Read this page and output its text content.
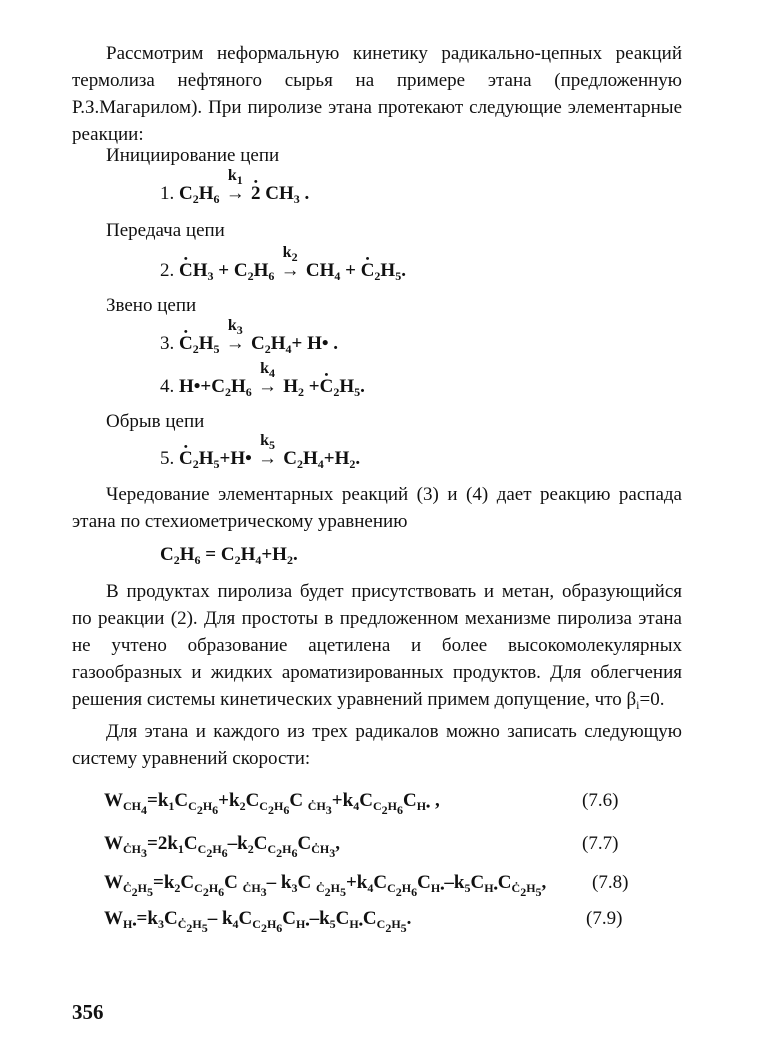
Рассмотрим неформальную кинетику радикально-цепных реакций термолиза нефтяного сырья на примере этана (предложенную Р.З.Магарилом). При пиролизе этана протекают следующие элементарные реакции:

Инициирование цепи

1. $C_2H_6$ →
$k_1$
• 2 $CH_3$ .

Передача цепи

2. • $CH_3 + C_2H_6$ →
$k_2$
$CH_4$ + • $C_2H_5$.

Звено цепи

3. • $C_2H_5$ →
$k_3$
$C_2H_4+$ H• .
4. $H•+C_2H_6$ →
$k_4$
$H_2$ +• $C_2H_5$.

Обрыв цепи

5. • $C_2H_5+H•$ →
$k_5$
$C_2H_4+H_2$.

Чередование элементарных реакций (3) и (4) дает реакцию распада этана по стехиометрическому уравнению

$C_2H_6 = C_2H_4+H_2$.

В продуктах пиролиза будет присутствовать и метан, образующийся по реакции (2). Для простоты в предложенном механизме пиролиза этана не учтено образование ацетилена и более высокомолекулярных газообразных и жидких ароматизированных продуктов. Для облегчения решения системы кинетических уравнений примем допущение, что $\beta_i=0$.

Для этана и каждого из трех радикалов можно записать следующую систему уравнений скорости:

$W_{CH_4}=k_1C_{C_2H_6}+k_2C_{C_2H_6}C$ $_{ĊH_3}+k_4C_{C_2H_6}C_{H•}$ ,	(7.6)
$W_{ĊH_3}=2k_1C_{C_2H_6}-k_2C_{C_2H_6}C_{ĊH_3}$,	(7.7)
$W_{Ċ_2H_5}=k_2C_{C_2H_6}C$ $_{ĊH_3}$– $k_3C$ $_{Ċ_2H_5}+k_4C_{C_2H_6}C_{H•}-k_5C_{H•}C_{Ċ_2H_5}$, (7.8)
$W_{H•}=k_3C_{Ċ_2H_5}-$ $k_4C_{C_2H_6}C_{H•}-k_5C_{H•}C_{C_2H_5}$.	(7.9)
356
